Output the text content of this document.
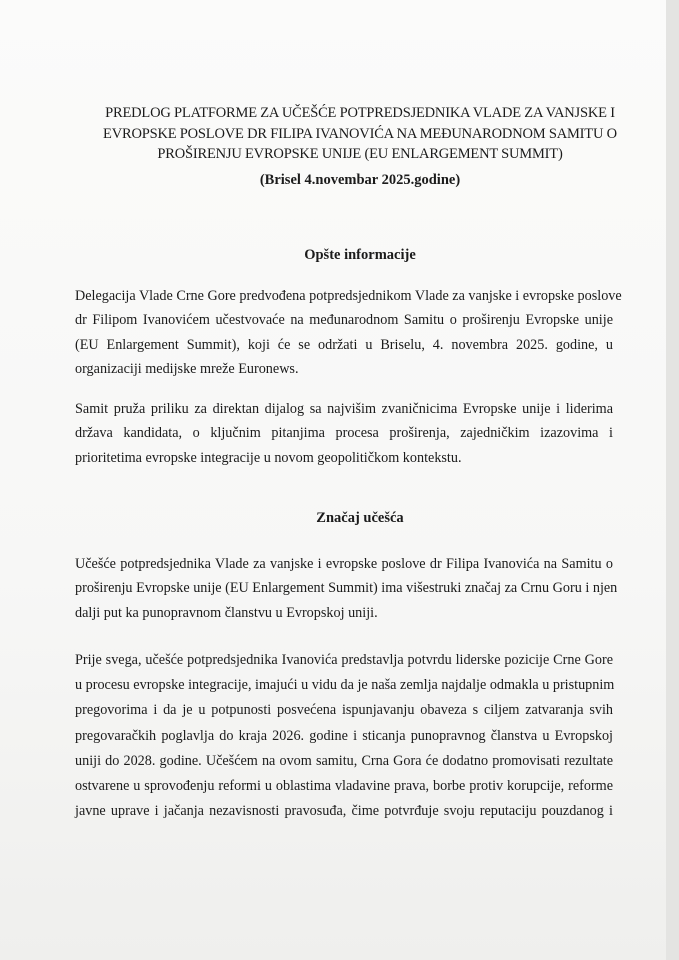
PREDLOG PLATFORME ZA UČEŠĆE POTPREDSJEDNIKA VLADE ZA VANJSKE I
EVROPSKE POSLOVE DR FILIPA IVANOVIĆA NA MEĐUNARODNOM SAMITU O
PROŠIRENJU EVROPSKE UNIJE (EU ENLARGEMENT SUMMIT)
(Brisel 4.novembar 2025.godine)
Opšte informacije
Delegacija Vlade Crne Gore predvođena potpredsjednikom Vlade za vanjske i evropske poslove
dr Filipom Ivanovićem učestvovaće na međunarodnom Samitu o proširenju Evropske unije
(EU Enlargement Summit), koji će se održati u Briselu, 4. novembra 2025. godine, u
organizaciji medijske mreže Euronews.
Samit pruža priliku za direktan dijalog sa najvišim zvaničnicima Evropske unije i liderima
država kandidata, o ključnim pitanjima procesa proširenja, zajedničkim izazovima i
prioritetima evropske integracije u novom geopolitičkom kontekstu.
Značaj učešća
Učešće potpredsjednika Vlade za vanjske i evropske poslove dr Filipa Ivanovića na Samitu o
proširenju Evropske unije (EU Enlargement Summit) ima višestruki značaj za Crnu Goru i njen
dalji put ka punopravnom članstvu u Evropskoj uniji.
Prije svega, učešće potpredsjednika Ivanovića predstavlja potvrdu liderske pozicije Crne Gore
u procesu evropske integracije, imajući u vidu da je naša zemlja najdalje odmakla u pristupnim
pregovorima i da je u potpunosti posvećena ispunjavanju obaveza s ciljem zatvaranja svih
pregovaračkih poglavlja do kraja 2026. godine i sticanja punopravnog članstva u Evropskoj
uniji do 2028. godine. Učešćem na ovom samitu, Crna Gora će dodatno promovisati rezultate
ostvarene u sprovođenju reformi u oblastima vladavine prava, borbe protiv korupcije, reforme
javne uprave i jačanja nezavisnosti pravosuđa, čime potvrđuje svoju reputaciju pouzdanog i
